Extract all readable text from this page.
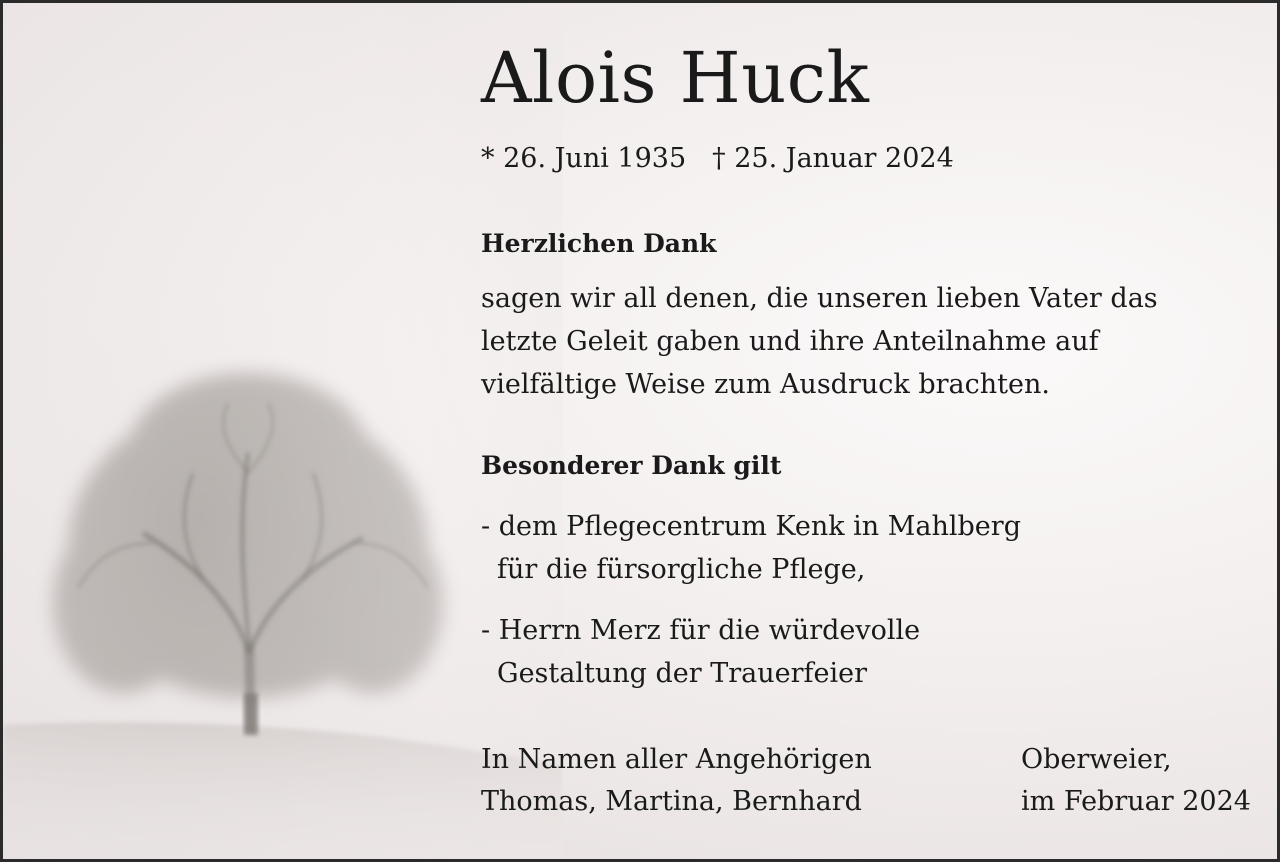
Alois Huck
* 26. Juni 1935 † 25. Januar 2024
Herzlichen Dank
sagen wir all denen, die unseren lieben Vater das
letzte Geleit gaben und ihre Anteilnahme auf
vielfältige Weise zum Ausdruck brachten.
Besonderer Dank gilt
- dem Pflegecentrum Kenk in Mahlberg
für die fürsorgliche Pflege,
- Herrn Merz für die würdevolle
Gestaltung der Trauerfeier
In Namen aller Angehörigen
Thomas, Martina, Bernhard
Oberweier,
im Februar 2024
